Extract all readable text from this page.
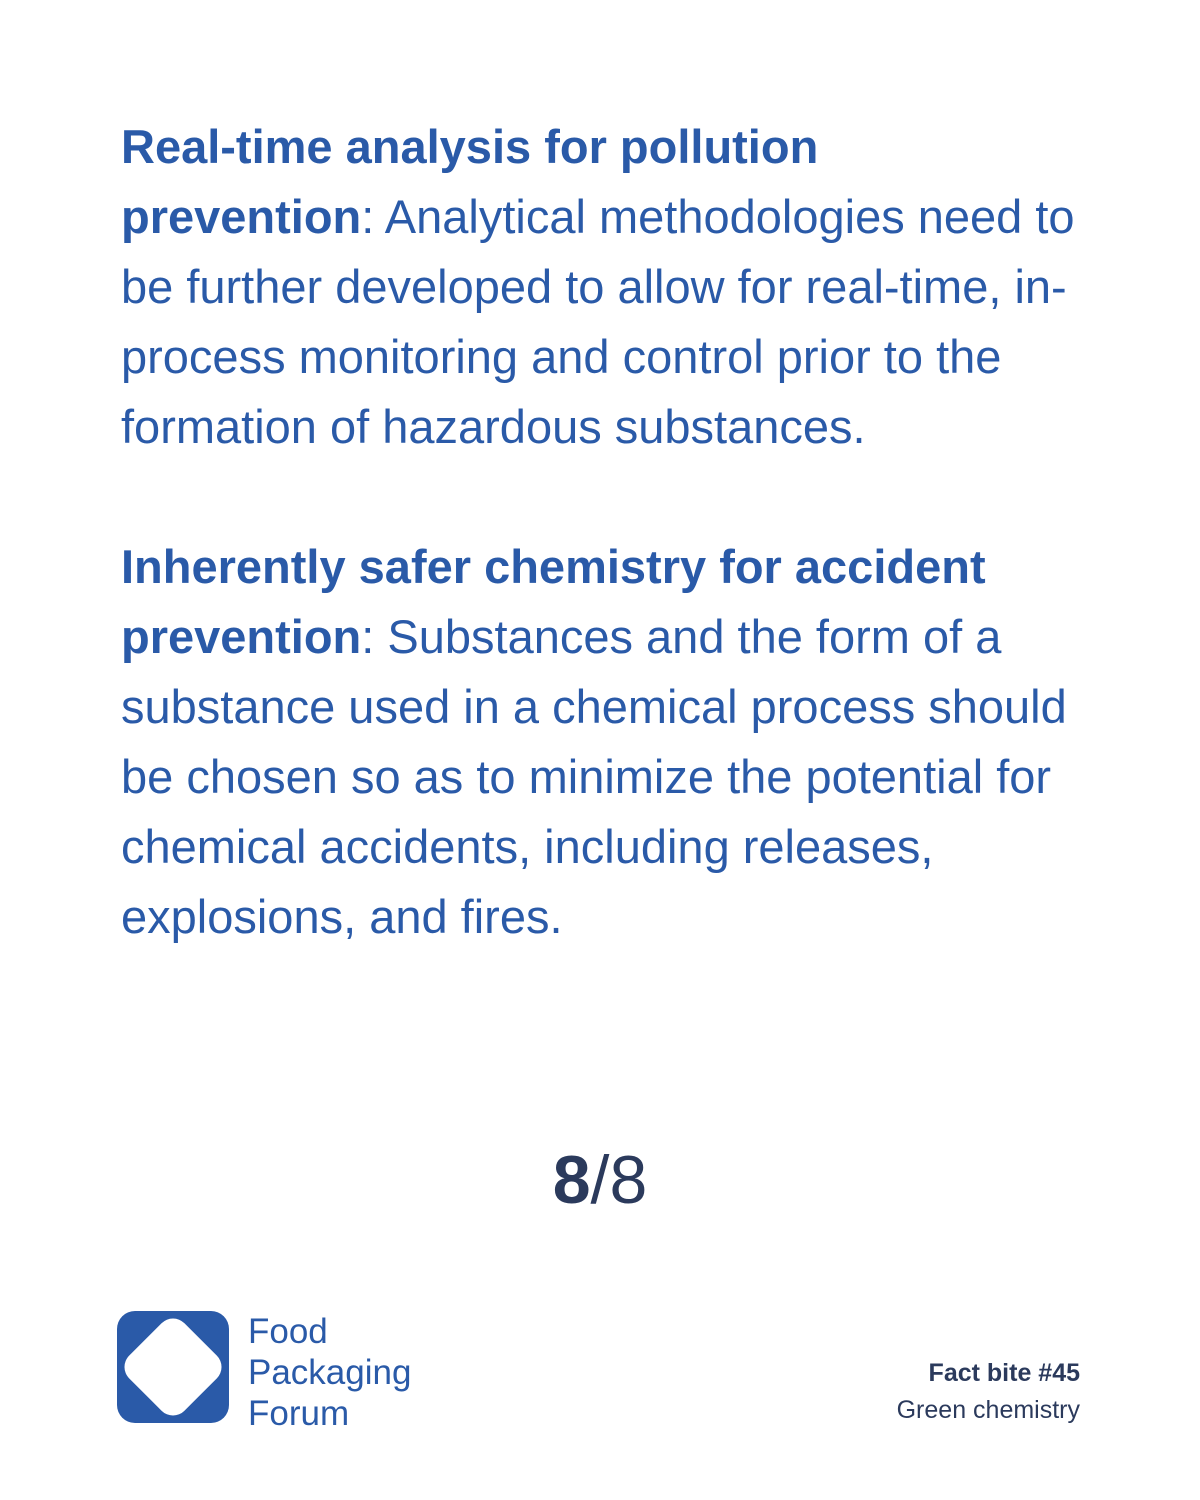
Real-time analysis for pollution prevention: Analytical methodologies need to be further developed to allow for real-time, in-process monitoring and control prior to the formation of hazardous substances.

Inherently safer chemistry for accident prevention: Substances and the form of a substance used in a chemical process should be chosen so as to minimize the potential for chemical accidents, including releases, explosions, and fires.

8/8
Food
Packaging
Forum
Fact bite #45
Green chemistry
